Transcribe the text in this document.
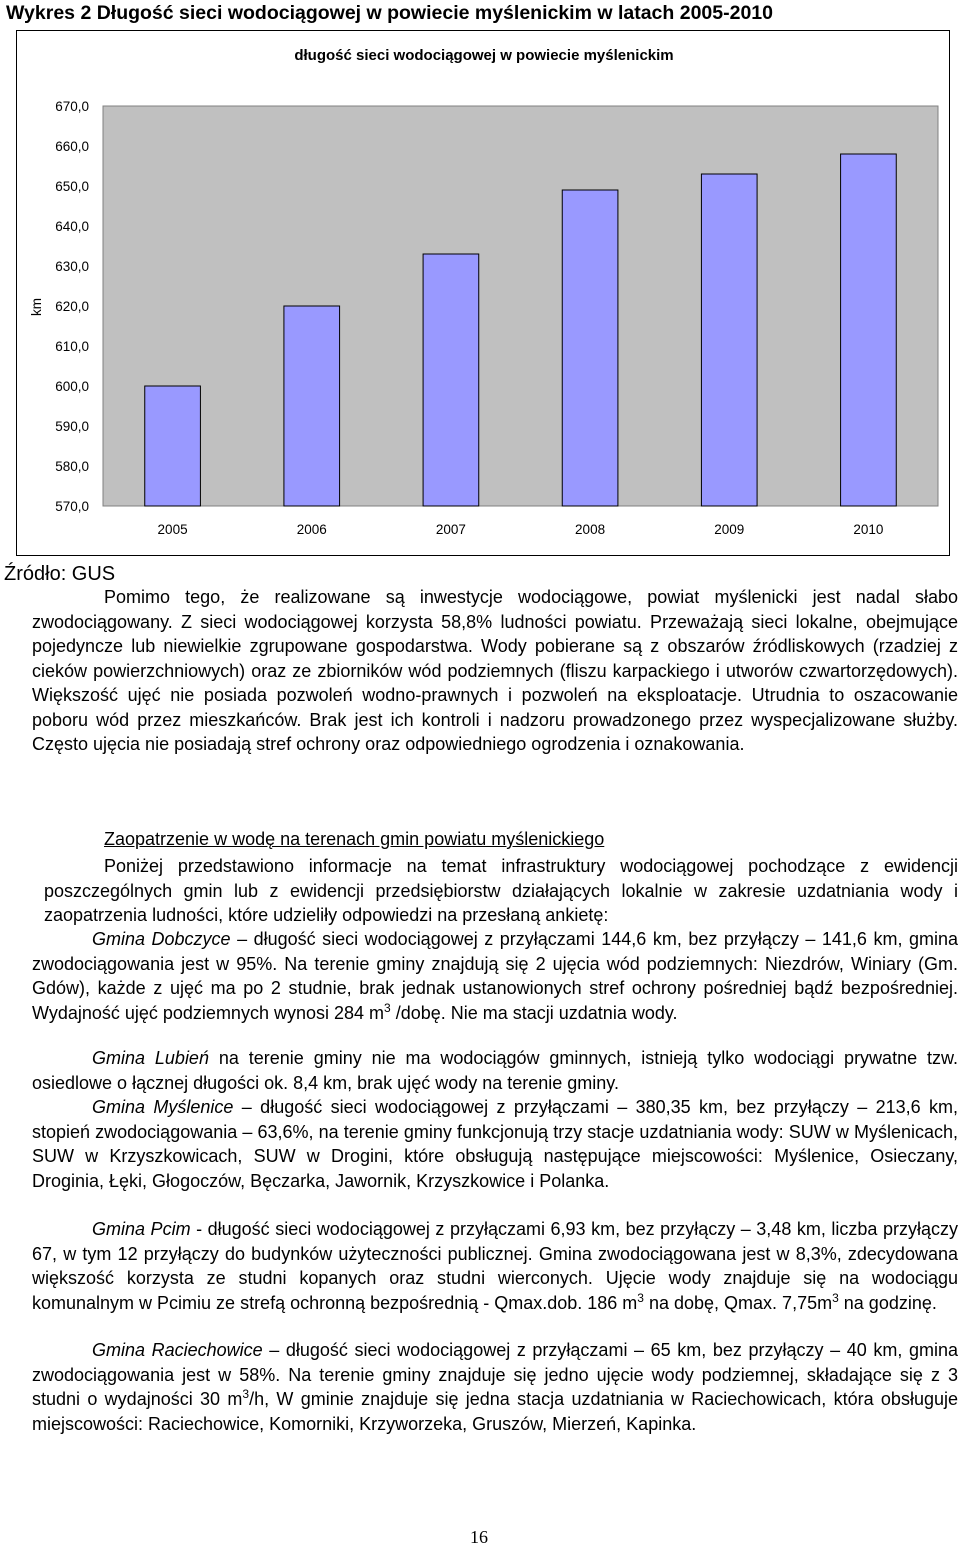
Wykres 2 Długość sieci wodociągowej w powiecie myślenickim w latach 2005-2010
długość sieci wodociągowej w powiecie myślenickim
km
570,0
580,0
590,0
600,0
610,0
620,0
630,0
640,0
650,0
660,0
670,0
2005	2006	2007	2008	2009	2010
Źródło: GUS

Pomimo tego, że realizowane są inwestycje wodociągowe, powiat myślenicki jest nadal słabo zwodociągowany. Z sieci wodociągowej korzysta 58,8% ludności powiatu. Przeważają sieci lokalne, obejmujące pojedyncze lub niewielkie zgrupowane gospodarstwa. Wody pobierane są z obszarów źródliskowych (rzadziej z cieków powierzchniowych) oraz ze zbiorników wód podziemnych (fliszu karpackiego i utworów czwartorzędowych). Większość ujęć nie posiada pozwoleń wodno-prawnych i pozwoleń na eksploatacje. Utrudnia to oszacowanie poboru wód przez mieszkańców. Brak jest ich kontroli i nadzoru prowadzonego przez wyspecjalizowane służby. Często ujęcia nie posiadają stref ochrony oraz odpowiedniego ogrodzenia i oznakowania.

Zaopatrzenie w wodę na terenach gmin powiatu myślenickiego

Poniżej przedstawiono informacje na temat infrastruktury wodociągowej pochodzące z ewidencji poszczególnych gmin lub z ewidencji przedsiębiorstw działających lokalnie w zakresie uzdatniania wody i zaopatrzenia ludności, które udzieliły odpowiedzi na przesłaną ankietę:

Gmina Dobczyce – długość sieci wodociągowej z przyłączami 144,6 km, bez przyłączy – 141,6 km, gmina zwodociągowania jest w 95%. Na terenie gminy znajdują się 2 ujęcia wód podziemnych: Niezdrów, Winiary (Gm. Gdów), każde z ujęć ma po 2 studnie, brak jednak ustanowionych stref ochrony pośredniej bądź bezpośredniej. Wydajność ujęć podziemnych wynosi 284 $m^3$ /dobę. Nie ma stacji uzdatnia wody.

Gmina Lubień na terenie gminy nie ma wodociągów gminnych, istnieją tylko wodociągi prywatne tzw. osiedlowe o łącznej długości ok. 8,4 km, brak ujęć wody na terenie gminy.

Gmina Myślenice – długość sieci wodociągowej z przyłączami – 380,35 km, bez przyłączy – 213,6 km, stopień zwodociągowania – 63,6%, na terenie gminy funkcjonują trzy stacje uzdatniania wody: SUW w Myślenicach, SUW w Krzyszkowicach, SUW w Drogini, które obsługują następujące miejscowości: Myślenice, Osieczany, Droginia, Łęki, Głogoczów, Bęczarka, Jawornik, Krzyszkowice i Polanka.

Gmina Pcim - długość sieci wodociągowej z przyłączami 6,93 km, bez przyłączy – 3,48 km, liczba przyłączy 67, w tym 12 przyłączy do budynków użyteczności publicznej. Gmina zwodociągowana jest w 8,3%, zdecydowana większość korzysta ze studni kopanych oraz studni wierconych. Ujęcie wody znajduje się na wodociągu komunalnym w Pcimiu ze strefą ochronną bezpośrednią - Qmax.dob. 186 $m^3$ na dobę, Qmax. $7,75m^3$ na godzinę.

Gmina Raciechowice – długość sieci wodociągowej z przyłączami – 65 km, bez przyłączy – 40 km, gmina zwodociągowania jest w 58%. Na terenie gminy znajduje się jedno ujęcie wody podziemnej, składające się z 3 studni o wydajności 30 $m^3/h$, W gminie znajduje się jedna stacja uzdatniania w Raciechowicach, która obsługuje miejscowości: Raciechowice, Komorniki, Krzyworzeka, Gruszów, Mierzeń, Kapinka.

16
